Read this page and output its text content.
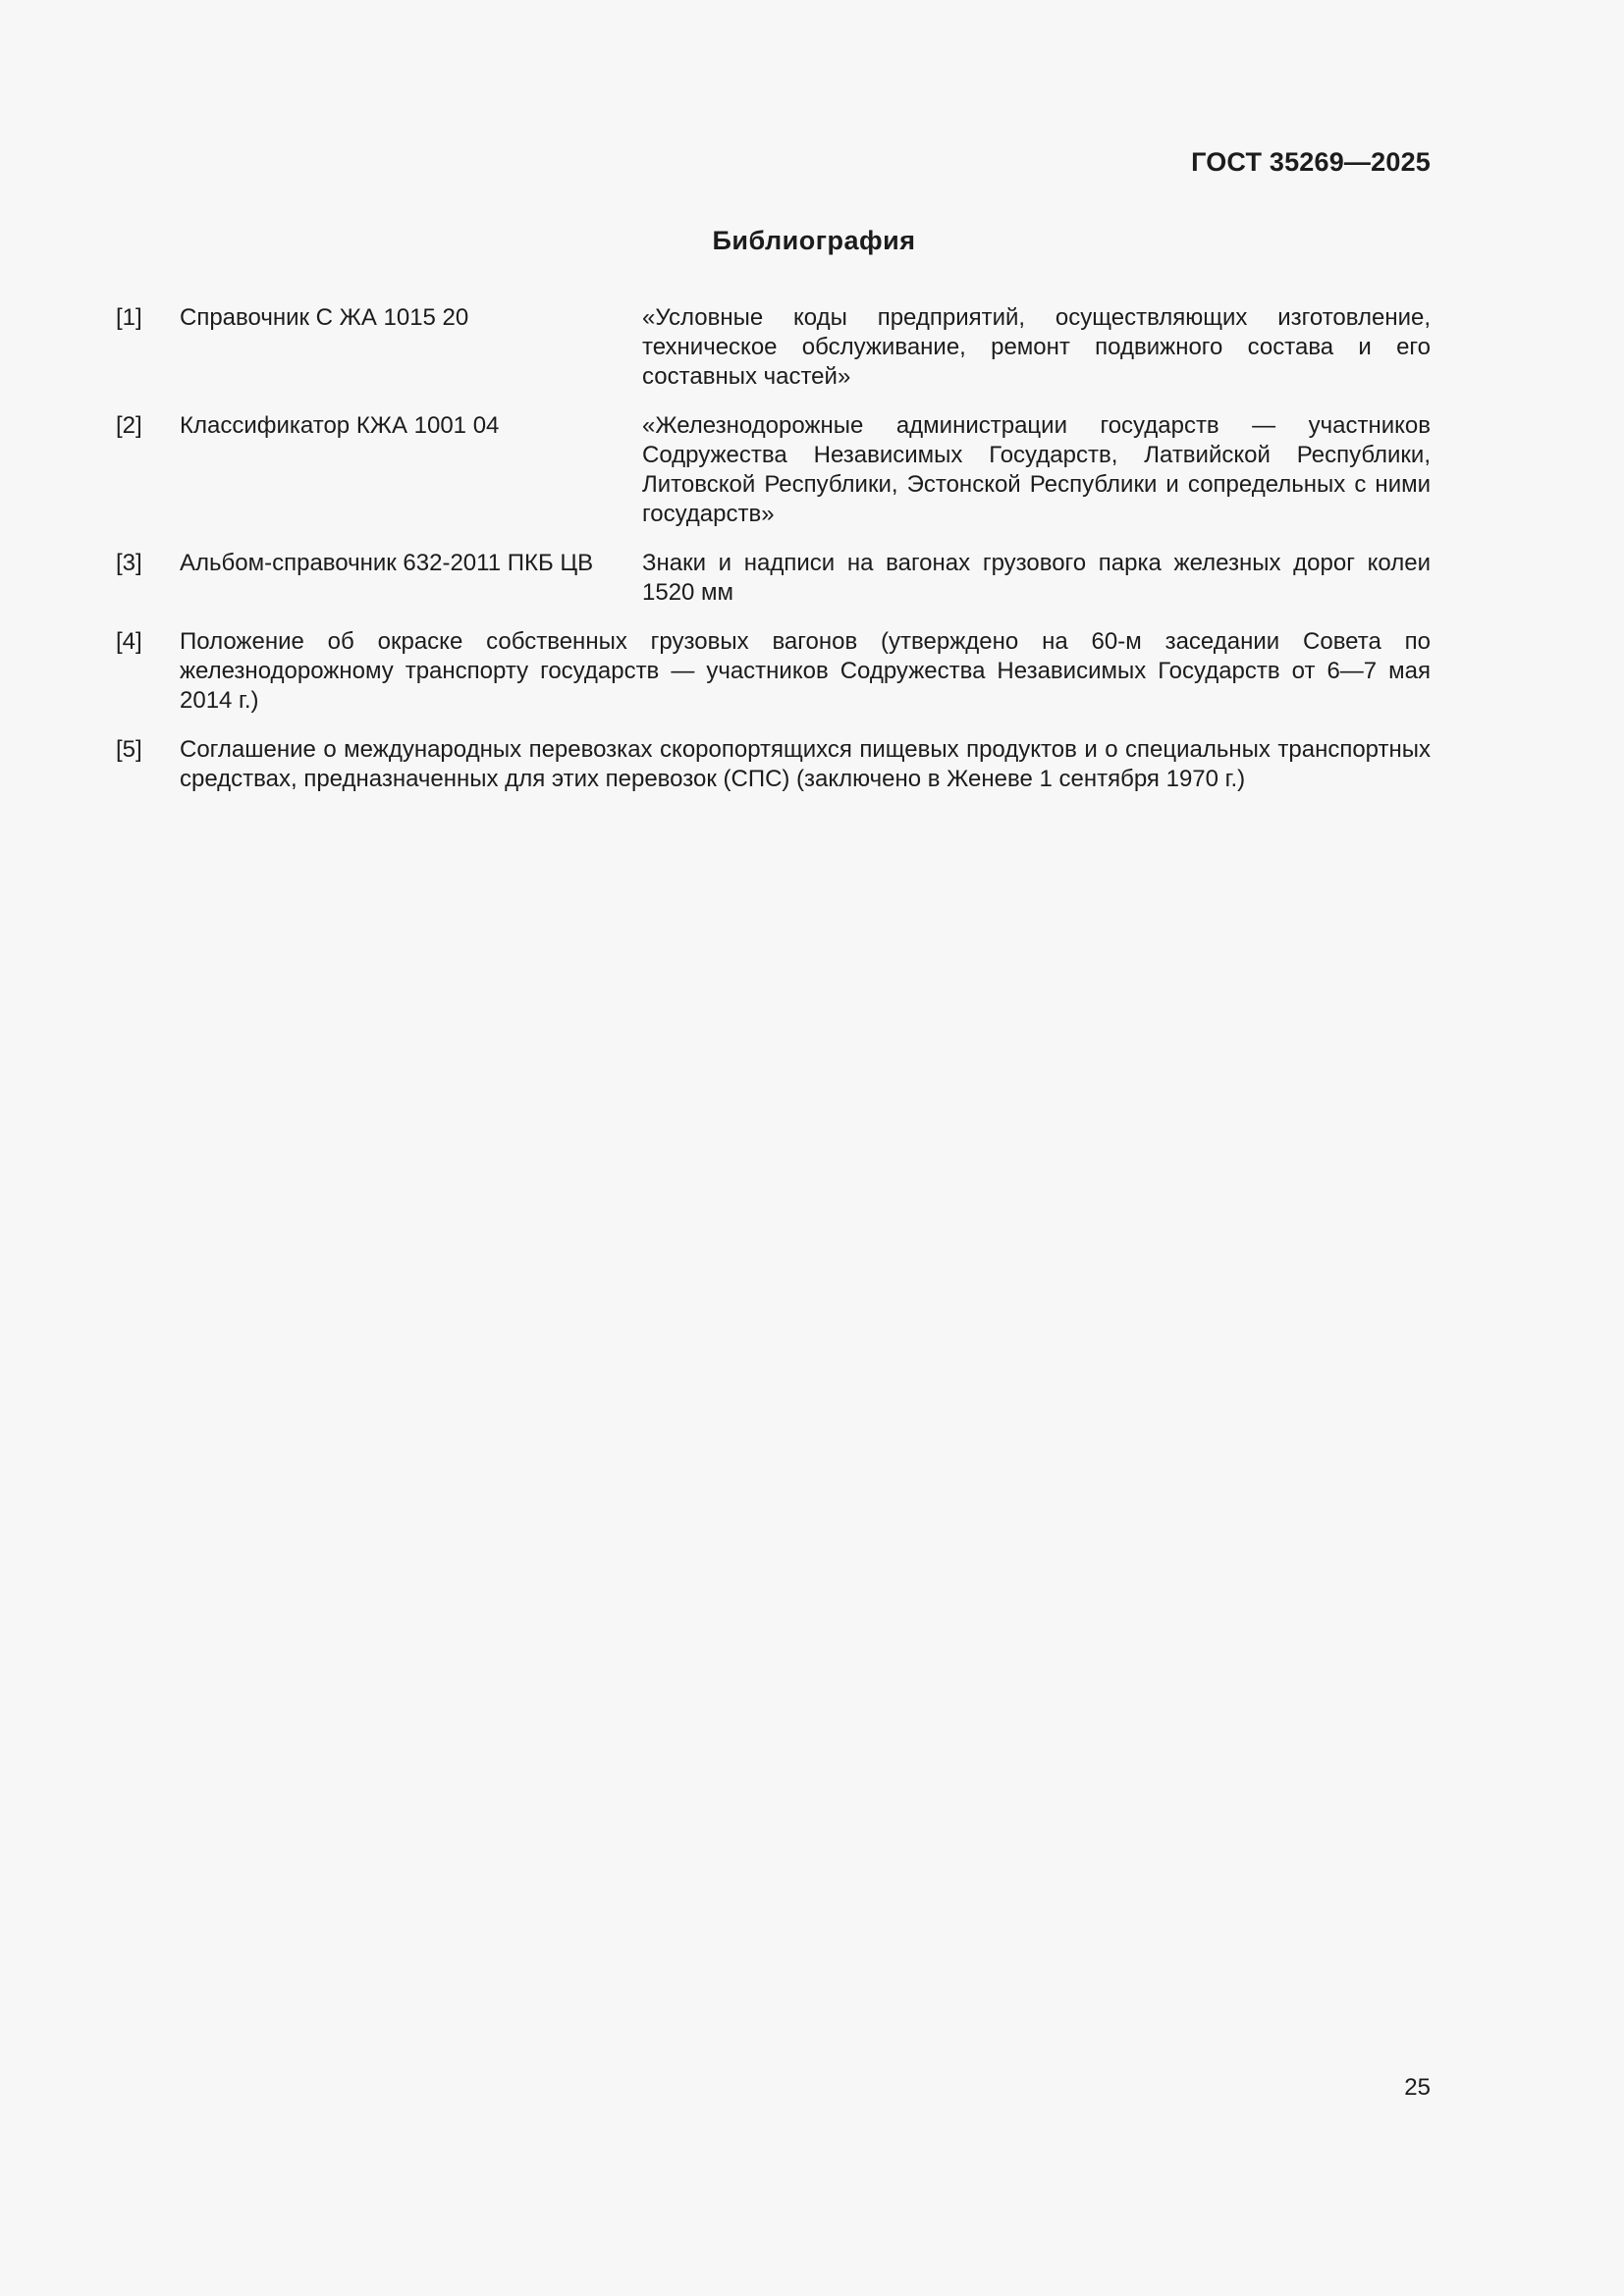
ГОСТ 35269—2025
Библиография
[1]	Справочник С ЖА 1015 20	«Условные коды предприятий, осуществляющих изготовление, техническое обслуживание, ремонт подвижного состава и его составных частей»
[2]	Классификатор КЖА 1001 04	«Железнодорожные администрации государств — участников Содружества Независимых Государств, Латвийской Республики, Литовской Республики, Эстонской Республики и сопредельных с ними государств»
[3]	Альбом-справочник 632-2011 ПКБ ЦВ	Знаки и надписи на вагонах грузового парка железных дорог колеи 1520 мм
[4]	Положение об окраске собственных грузовых вагонов (утверждено на 60-м заседании Совета по железнодорожному транспорту государств — участников Содружества Независимых Государств от 6—7 мая 2014 г.)
[5]	Соглашение о международных перевозках скоропортящихся пищевых продуктов и о специальных транспортных средствах, предназначенных для этих перевозок (СПС) (заключено в Женеве 1 сентября 1970 г.)
25
